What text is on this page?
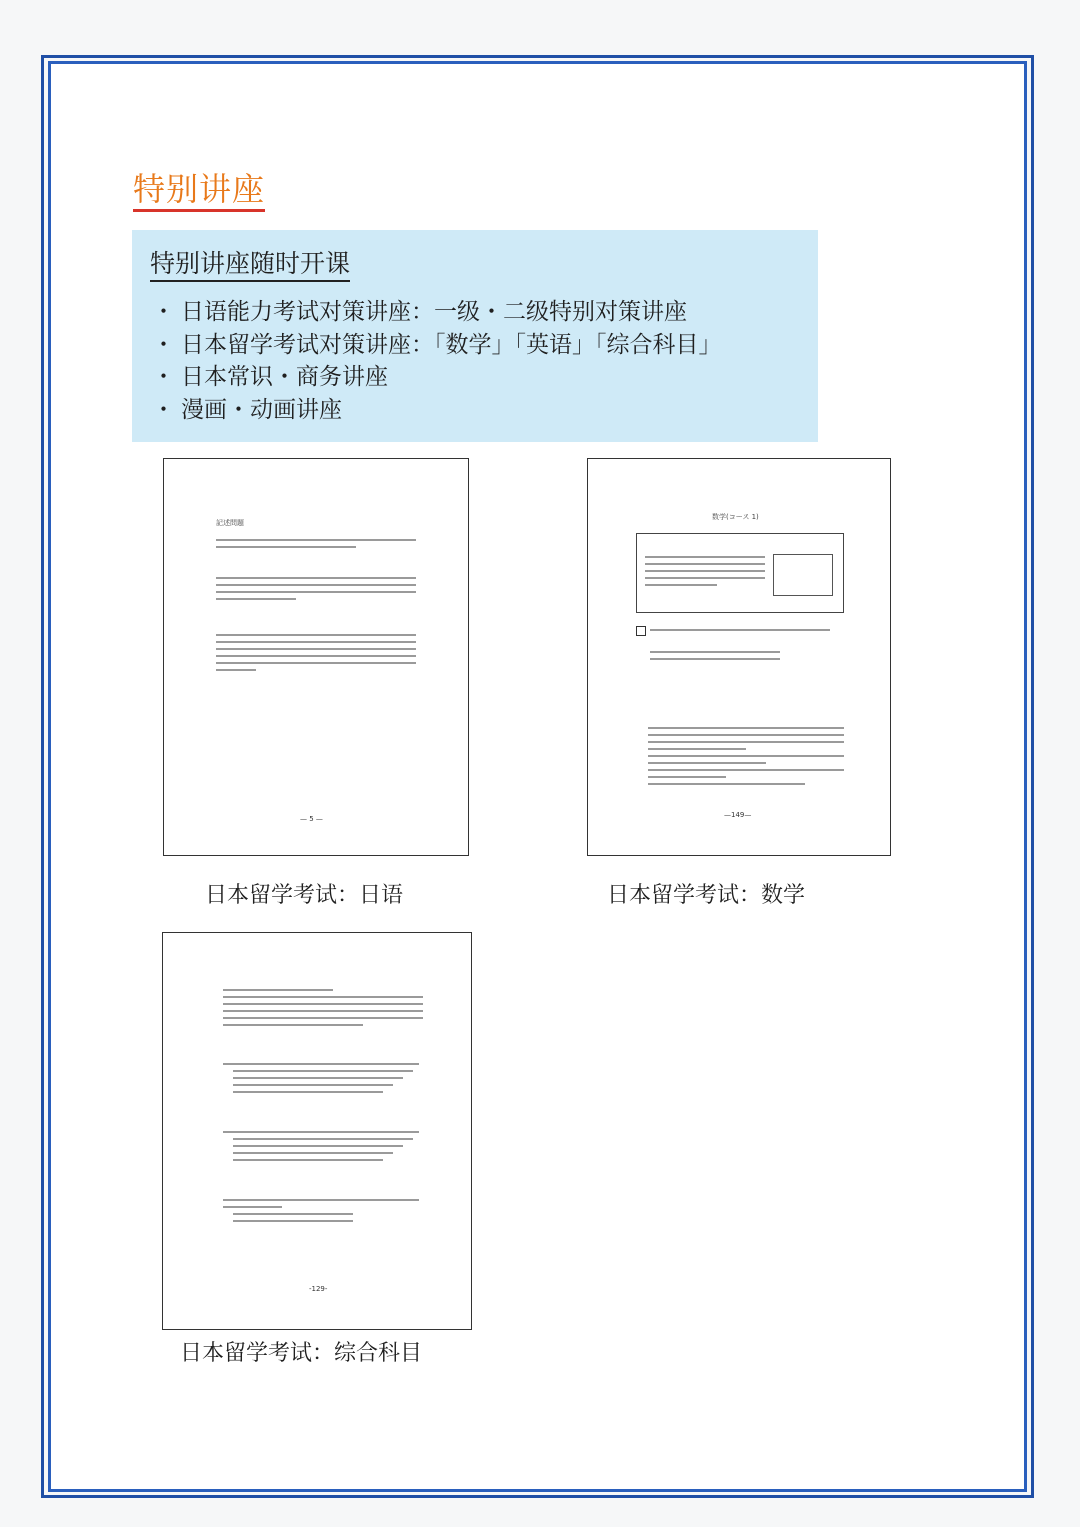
特别讲座
特别讲座随时开课
・ 日语能力考试对策讲座：一级・二级特别对策讲座
・ 日本留学考试对策讲座：「数学」「英语」「综合科目」
・ 日本常识・商务讲座
・ 漫画・动画讲座
記述問題
— 5 —
日本留学考试：日语
数学(コース 1)
—149—
日本留学考试：数学
-129-
日本留学考试：综合科目
